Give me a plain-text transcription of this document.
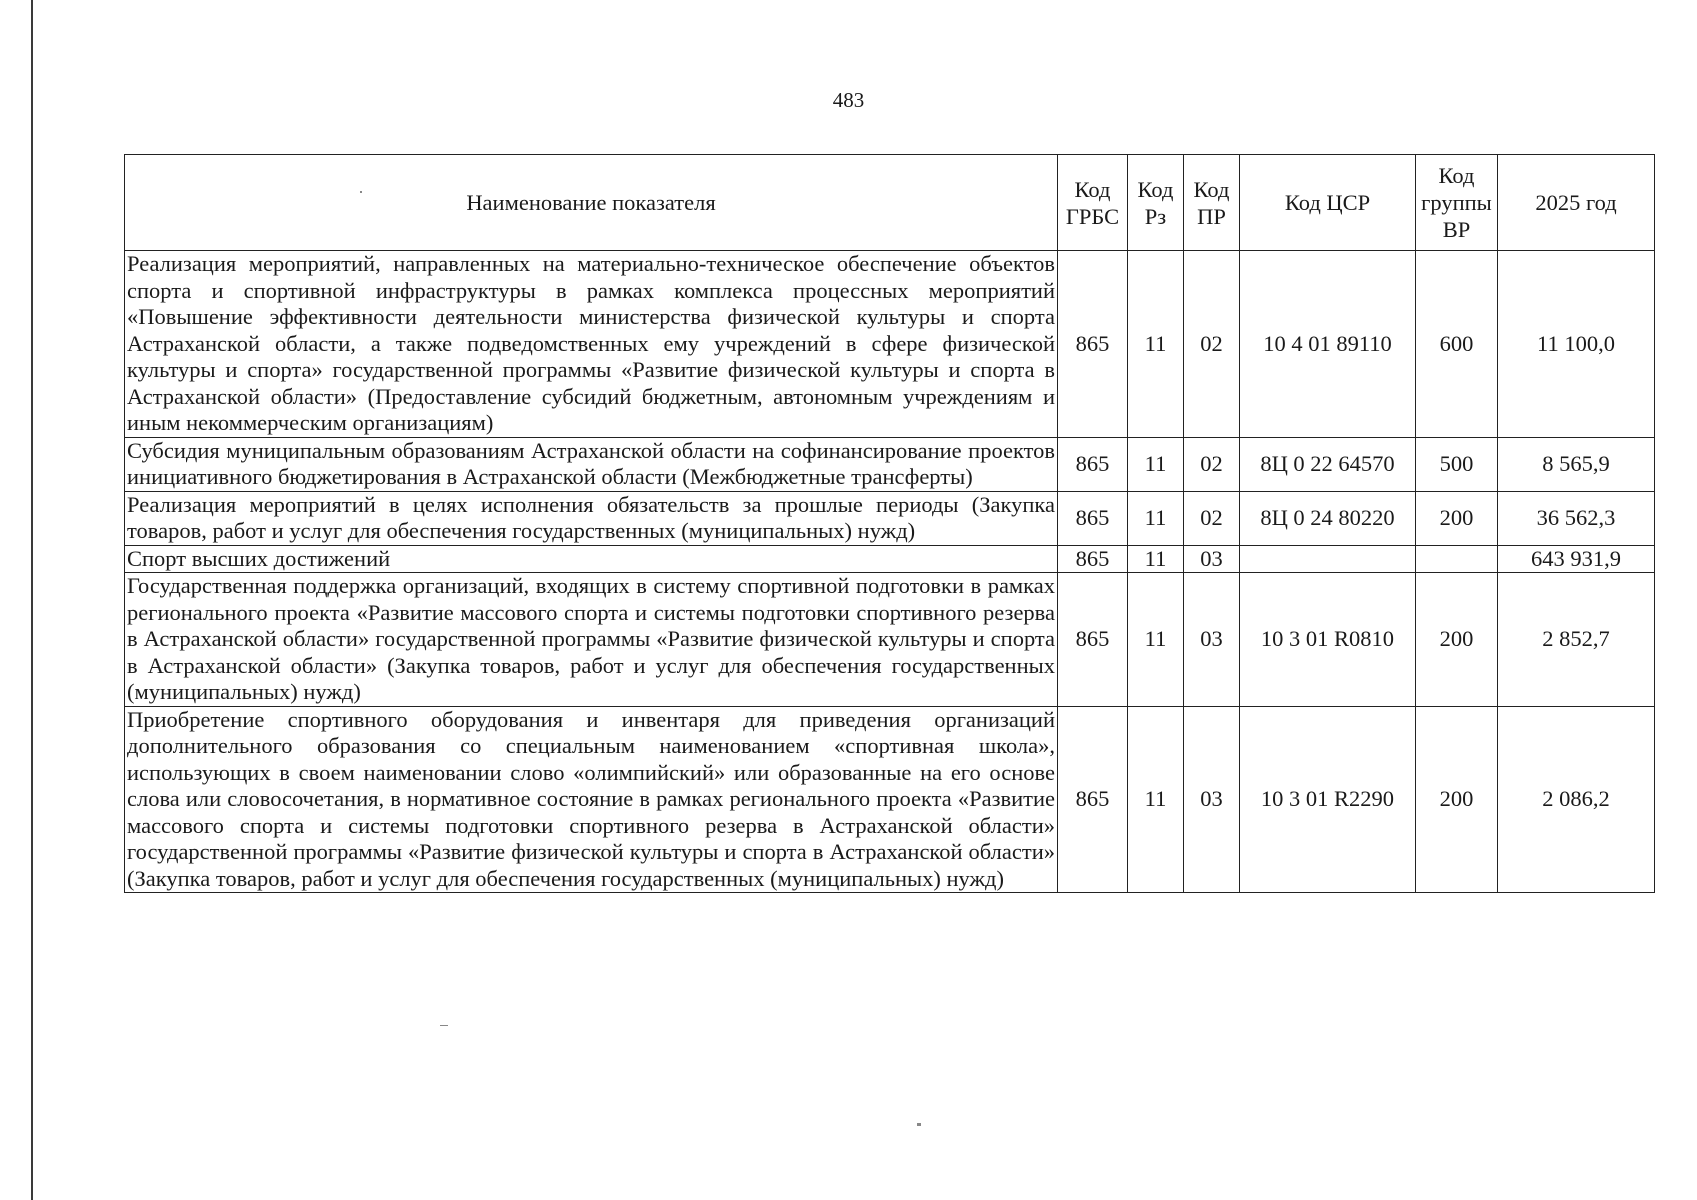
483
Наименование показателя	Код ГРБС	Код Рз	Код ПР	Код ЦСР	Код группы ВР	2025 год
Реализация мероприятий, направленных на материально-техническое обеспечение объектов спорта и спортивной инфраструктуры в рамках комплекса процессных мероприятий «Повышение эффективности деятельности министерства физической культуры и спорта Астраханской области, а также подведомственных ему учреждений в сфере физической культуры и спорта» государственной программы «Развитие физической культуры и спорта в Астраханской области» (Предоставление субсидий бюджетным, автономным учреждениям и иным некоммерческим организациям)	865	11	02	10 4 01 89110	600	11 100,0
Субсидия муниципальным образованиям Астраханской области на софинансирование проектов инициативного бюджетирования в Астраханской области (Межбюджетные трансферты)	865	11	02	8Ц 0 22 64570	500	8 565,9
Реализация мероприятий в целях исполнения обязательств за прошлые периоды (Закупка товаров, работ и услуг для обеспечения государственных (муниципальных) нужд)	865	11	02	8Ц 0 24 80220	200	36 562,3
Спорт высших достижений	865	11	03			643 931,9
Государственная поддержка организаций, входящих в систему спортивной подготовки в рамках регионального проекта «Развитие массового спорта и системы подготовки спортивного резерва в Астраханской области» государственной программы «Развитие физической культуры и спорта в Астраханской области» (Закупка товаров, работ и услуг для обеспечения государственных (муниципальных) нужд)	865	11	03	10 3 01 R0810	200	2 852,7
Приобретение спортивного оборудования и инвентаря для приведения организаций дополнительного образования со специальным наименованием «спортивная школа», использующих в своем наименовании слово «олимпийский» или образованные на его основе слова или словосочетания, в нормативное состояние в рамках регионального проекта «Развитие массового спорта и системы подготовки спортивного резерва в Астраханской области» государственной программы «Развитие физической культуры и спорта в Астраханской области» (Закупка товаров, работ и услуг для обеспечения государственных (муниципальных) нужд)	865	11	03	10 3 01 R2290	200	2 086,2
